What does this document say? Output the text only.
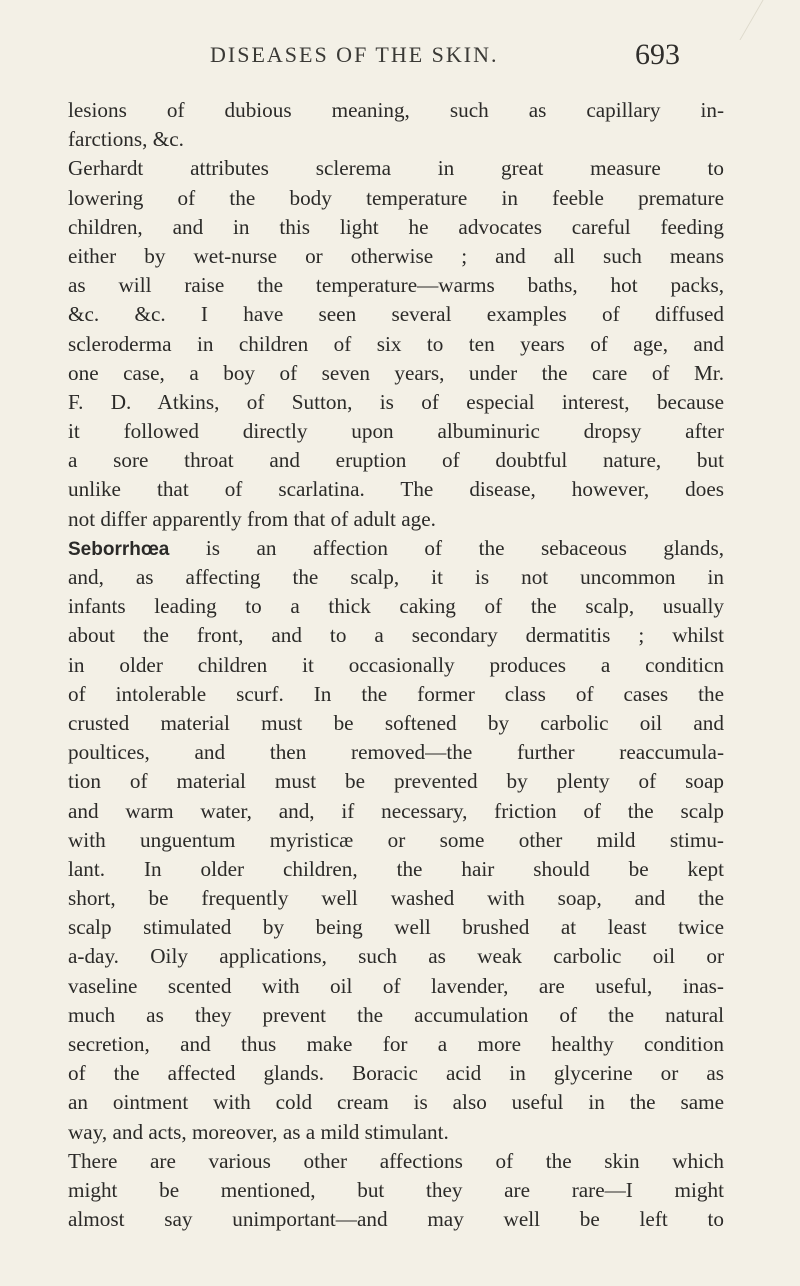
DISEASES OF THE SKIN.	693
lesions of dubious meaning, such as capillary in-
farctions, &c.
Gerhardt attributes sclerema in great measure to
lowering of the body temperature in feeble premature
children, and in this light he advocates careful feeding
either by wet-nurse or otherwise ; and all such means
as will raise the temperature—warms baths, hot packs,
&c. &c. I have seen several examples of diffused
scleroderma in children of six to ten years of age, and
one case, a boy of seven years, under the care of Mr.
F. D. Atkins, of Sutton, is of especial interest, because
it followed directly upon albuminuric dropsy after
a sore throat and eruption of doubtful nature, but
unlike that of scarlatina. The disease, however, does
not differ apparently from that of adult age.
Seborrhœa is an affection of the sebaceous glands,
and, as affecting the scalp, it is not uncommon in
infants leading to a thick caking of the scalp, usually
about the front, and to a secondary dermatitis ; whilst
in older children it occasionally produces a conditicn
of intolerable scurf. In the former class of cases the
crusted material must be softened by carbolic oil and
poultices, and then removed—the further reaccumula-
tion of material must be prevented by plenty of soap
and warm water, and, if necessary, friction of the scalp
with unguentum myristicæ or some other mild stimu-
lant. In older children, the hair should be kept
short, be frequently well washed with soap, and the
scalp stimulated by being well brushed at least twice
a-day. Oily applications, such as weak carbolic oil or
vaseline scented with oil of lavender, are useful, inas-
much as they prevent the accumulation of the natural
secretion, and thus make for a more healthy condition
of the affected glands. Boracic acid in glycerine or as
an ointment with cold cream is also useful in the same
way, and acts, moreover, as a mild stimulant.
There are various other affections of the skin which
might be mentioned, but they are rare—I might
almost say unimportant—and may well be left to
